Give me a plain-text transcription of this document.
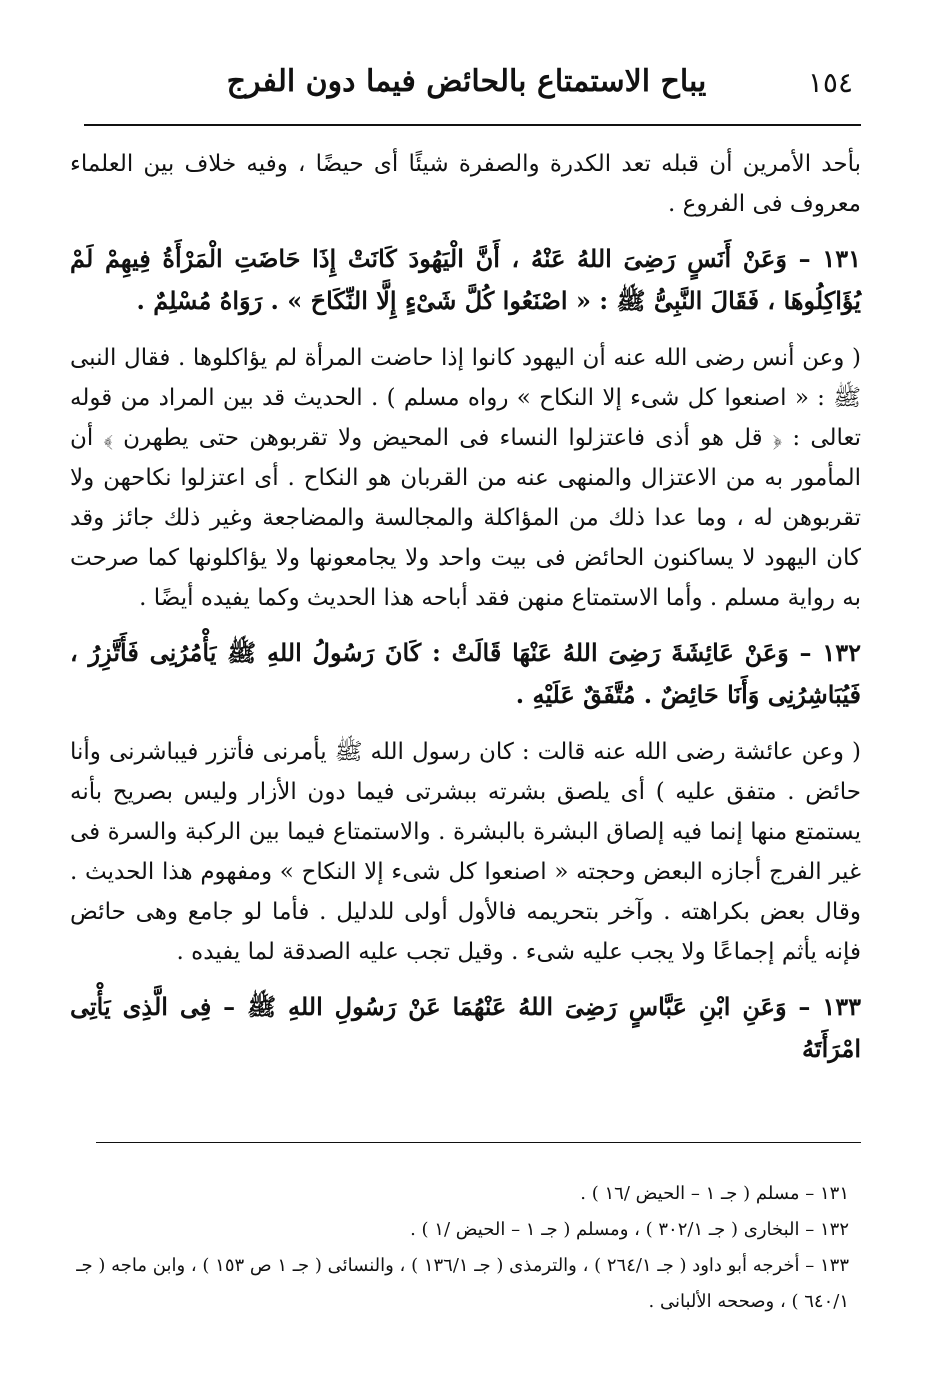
١٥٤
يباح الاستمتاع بالحائض فيما دون الفرج

بأحد الأمرين أن قبله تعد الكدرة والصفرة شيئًا أى حيضًا ، وفيه خلاف بين العلماء معروف فى الفروع .

١٣١ – وَعَنْ أَنَسٍ رَضِىَ اللهُ عَنْهُ ، أَنَّ الْيَهُودَ كَانَتْ إِذَا حَاضَتِ الْمَرْأَةُ فِيهِمْ لَمْ يُؤَاكِلُوهَا ، فَقَالَ النَّبِىُّ ﷺ : « اصْنَعُوا كُلَّ شَىْءٍ إِلَّا النِّكَاحَ » . رَوَاهُ مُسْلِمٌ .

( وعن أنس رضى الله عنه أن اليهود كانوا إذا حاضت المرأة لم يؤاكلوها . فقال النبى ﷺ : « اصنعوا كل شىء إلا النكاح » رواه مسلم ) . الحديث قد بين المراد من قوله تعالى : ﴿ قل هو أذى فاعتزلوا النساء فى المحيض ولا تقربوهن حتى يطهرن ﴾ أن المأمور به من الاعتزال والمنهى عنه من القربان هو النكاح . أى اعتزلوا نكاحهن ولا تقربوهن له ، وما عدا ذلك من المؤاكلة والمجالسة والمضاجعة وغير ذلك جائز وقد كان اليهود لا يساكنون الحائض فى بيت واحد ولا يجامعونها ولا يؤاكلونها كما صرحت به رواية مسلم . وأما الاستمتاع منهن فقد أباحه هذا الحديث وكما يفيده أيضًا .

١٣٢ – وَعَنْ عَائِشَةَ رَضِىَ اللهُ عَنْهَا قَالَتْ : كَانَ رَسُولُ اللهِ ﷺ يَأْمُرُنِى فَأَتَّزِرُ ، فَيُبَاشِرُنِى وَأَنَا حَائِضٌ . مُتَّفَقٌ عَلَيْهِ .

( وعن عائشة رضى الله عنه قالت : كان رسول الله ﷺ يأمرنى فأتزر فيباشرنى وأنا حائض . متفق عليه ) أى يلصق بشرته ببشرتى فيما دون الأزار وليس بصريح بأنه يستمتع منها إنما فيه إلصاق البشرة بالبشرة . والاستمتاع فيما بين الركبة والسرة فى غير الفرج أجازه البعض وحجته « اصنعوا كل شىء إلا النكاح » ومفهوم هذا الحديث . وقال بعض بكراهته . وآخر بتحريمه فالأول أولى للدليل . فأما لو جامع وهى حائض فإنه يأثم إجماعًا ولا يجب عليه شىء . وقيل تجب عليه الصدقة لما يفيده .

١٣٣ – وَعَنِ ابْنِ عَبَّاسٍ رَضِىَ اللهُ عَنْهُمَا عَنْ رَسُولِ اللهِ ﷺ – فِى الَّذِى يَأْتِى امْرَأَتَهُ

١٣١ – مسلم ( جـ ١ – الحيض /١٦ ) .
١٣٢ – البخارى ( جـ ٣٠٢/١ ) ، ومسلم ( جـ ١ – الحيض /١ ) .
١٣٣ – أخرجه أبو داود ( جـ ٢٦٤/١ ) ، والترمذى ( جـ ١٣٦/١ ) ، والنسائى ( جـ ١ ص ١٥٣ ) ، وابن ماجه ( جـ ٦٤٠/١ ) ، وصححه الألبانى .
